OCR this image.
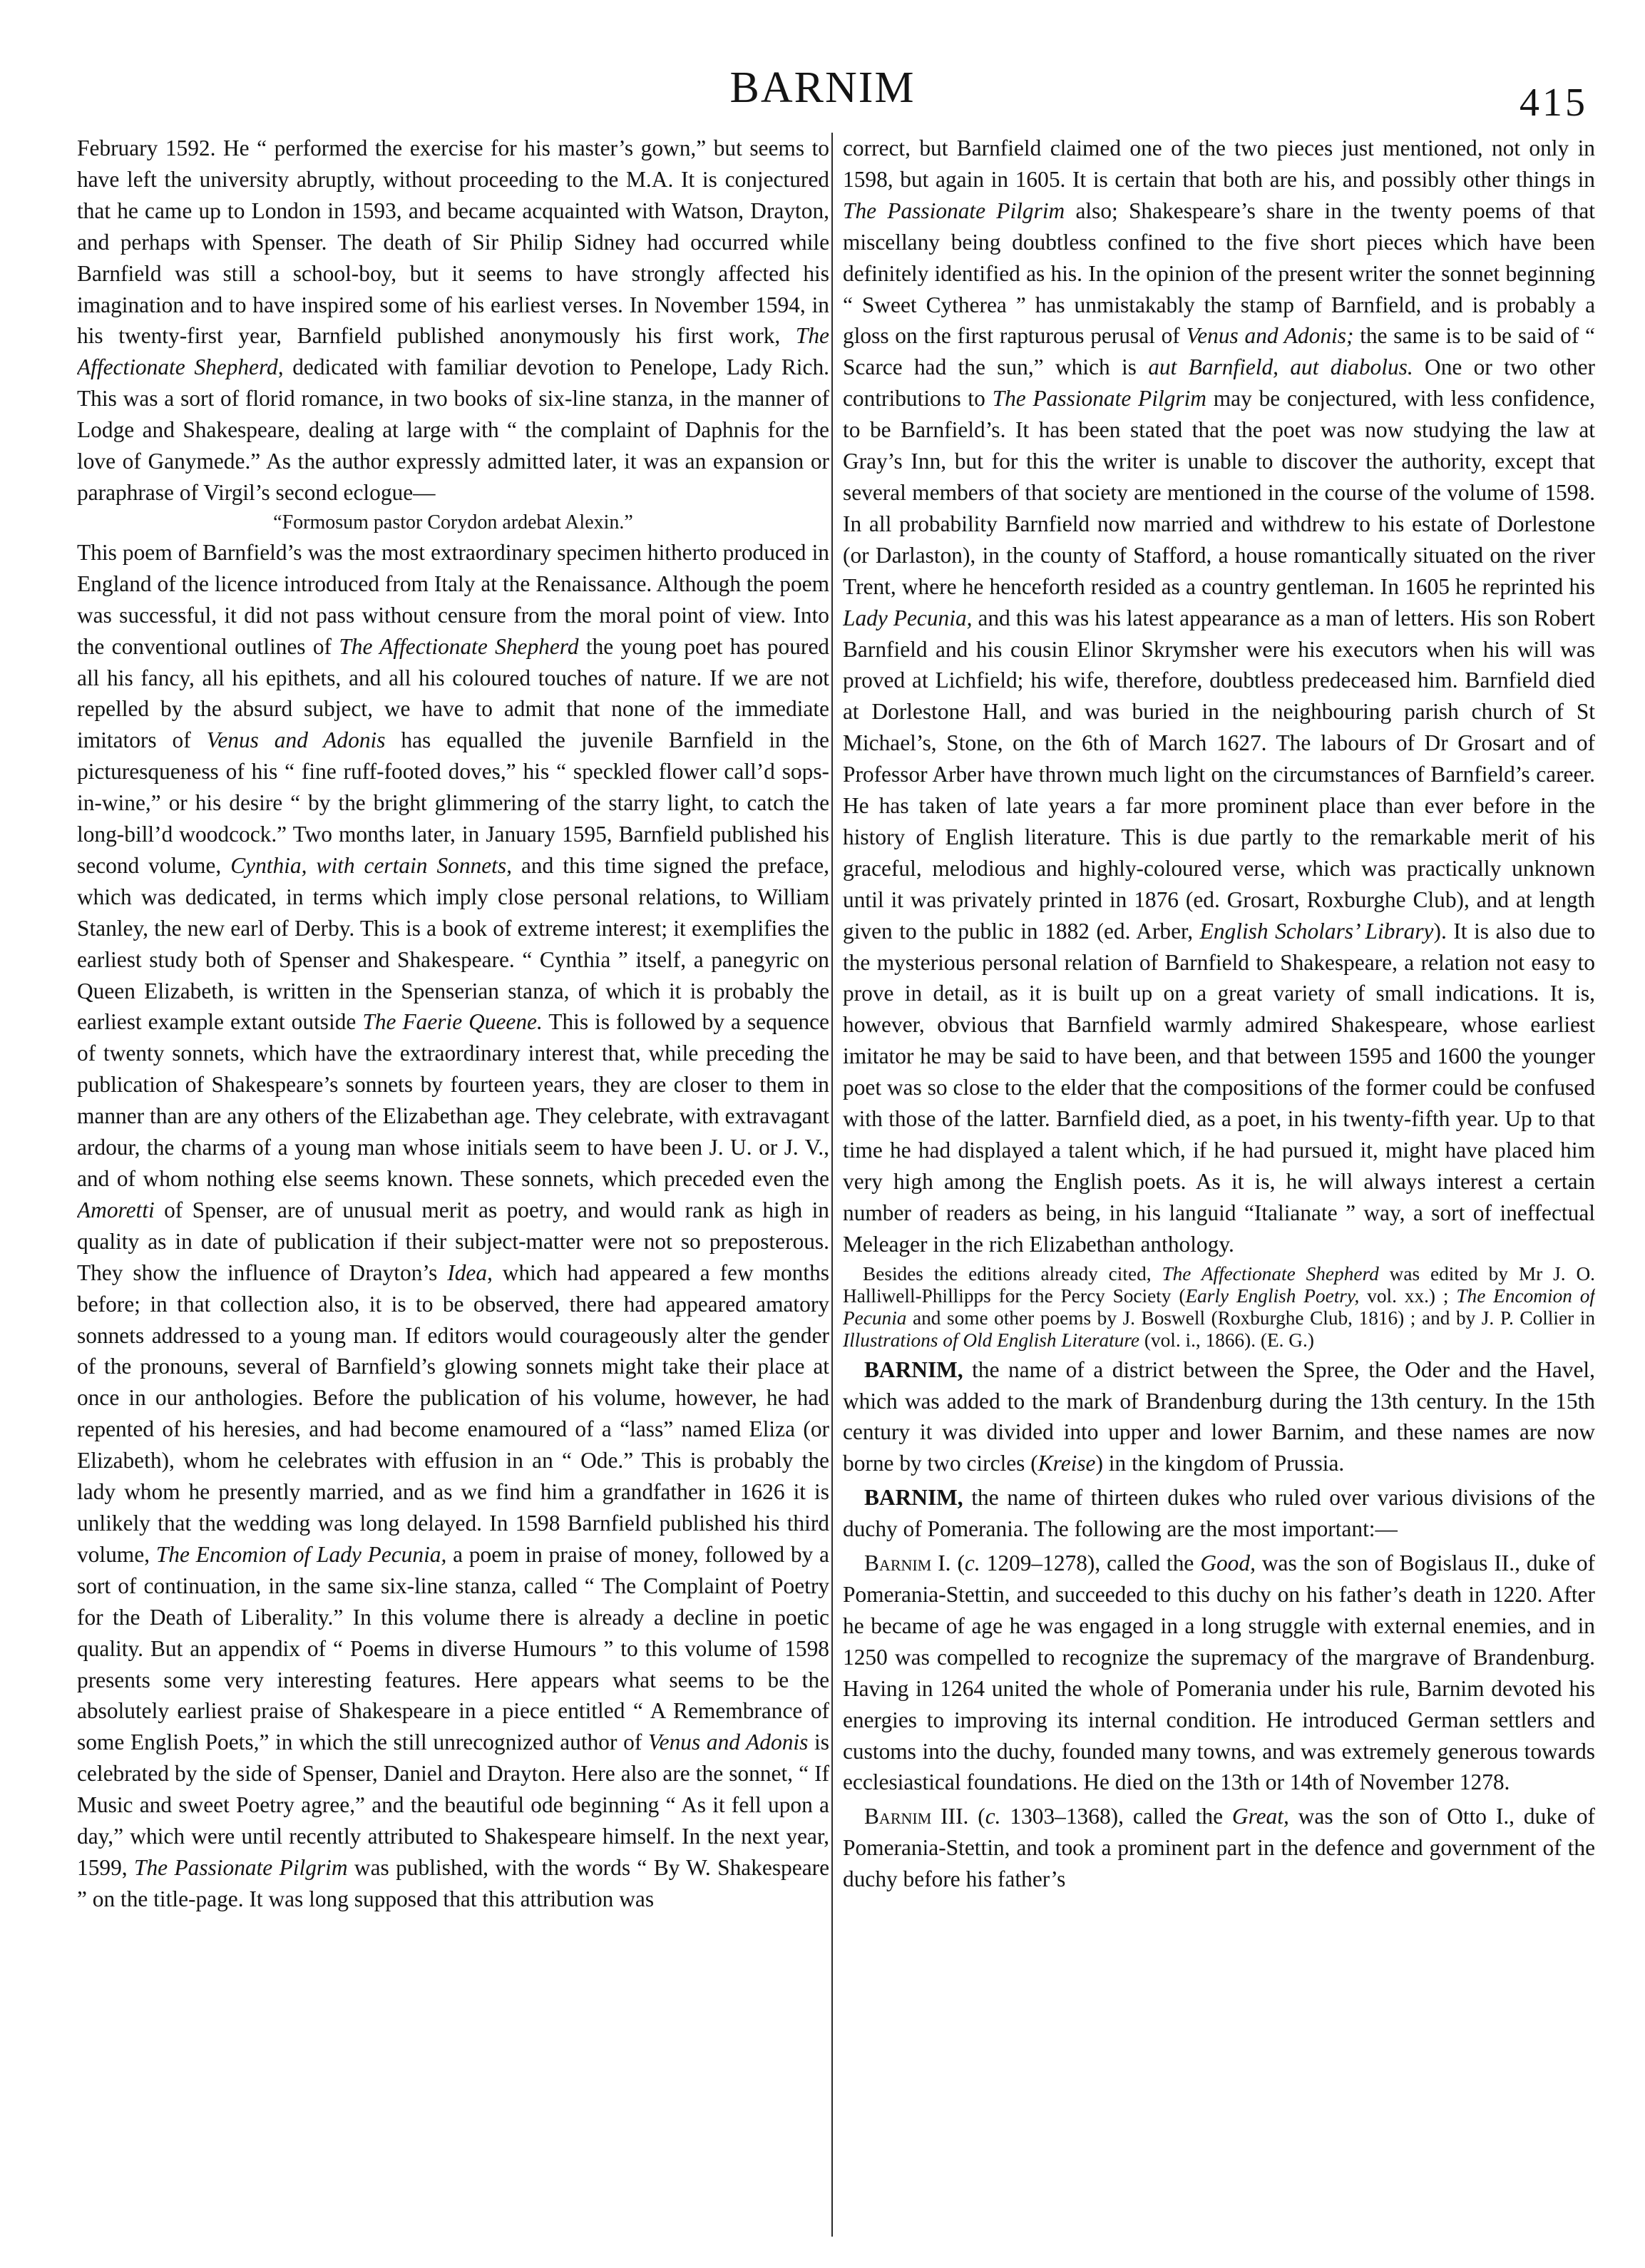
BARNIM	415

February 1592. He “ performed the exercise for his master’s gown,” but seems to have left the university abruptly, without proceeding to the M.A. It is conjectured that he came up to London in 1593, and became acquainted with Watson, Drayton, and perhaps with Spenser. The death of Sir Philip Sidney had occurred while Barnfield was still a school-boy, but it seems to have strongly affected his imagination and to have inspired some of his earliest verses. In November 1594, in his twenty-first year, Barnfield published anonymously his first work, The Affectionate Shepherd, dedicated with familiar devotion to Penelope, Lady Rich. This was a sort of florid romance, in two books of six-line stanza, in the manner of Lodge and Shakespeare, dealing at large with “ the complaint of Daphnis for the love of Ganymede.” As the author expressly admitted later, it was an expansion or paraphrase of Virgil’s second eclogue—

“Formosum pastor Corydon ardebat Alexin.”

This poem of Barnfield’s was the most extraordinary specimen hitherto produced in England of the licence introduced from Italy at the Renaissance. Although the poem was successful, it did not pass without censure from the moral point of view. Into the conventional outlines of The Affectionate Shepherd the young poet has poured all his fancy, all his epithets, and all his coloured touches of nature. If we are not repelled by the absurd subject, we have to admit that none of the immediate imitators of Venus and Adonis has equalled the juvenile Barnfield in the picturesqueness of his “ fine ruff-footed doves,” his “ speckled flower call’d sops-in-wine,” or his desire “ by the bright glimmering of the starry light, to catch the long-bill’d woodcock.” Two months later, in January 1595, Barnfield published his second volume, Cynthia, with certain Sonnets, and this time signed the preface, which was dedicated, in terms which imply close personal relations, to William Stanley, the new earl of Derby. This is a book of extreme interest; it exemplifies the earliest study both of Spenser and Shakespeare. “ Cynthia ” itself, a panegyric on Queen Elizabeth, is written in the Spenserian stanza, of which it is probably the earliest example extant outside The Faerie Queene. This is followed by a sequence of twenty sonnets, which have the extraordinary interest that, while preceding the publication of Shakespeare’s sonnets by fourteen years, they are closer to them in manner than are any others of the Elizabethan age. They celebrate, with extravagant ardour, the charms of a young man whose initials seem to have been J. U. or J. V., and of whom nothing else seems known. These sonnets, which preceded even the Amoretti of Spenser, are of unusual merit as poetry, and would rank as high in quality as in date of publication if their subject-matter were not so preposterous. They show the influence of Drayton’s Idea, which had appeared a few months before; in that collection also, it is to be observed, there had appeared amatory sonnets addressed to a young man. If editors would courageously alter the gender of the pronouns, several of Barnfield’s glowing sonnets might take their place at once in our anthologies. Before the publication of his volume, however, he had repented of his heresies, and had become enamoured of a “lass” named Eliza (or Elizabeth), whom he celebrates with effusion in an “ Ode.” This is probably the lady whom he presently married, and as we find him a grandfather in 1626 it is unlikely that the wedding was long delayed. In 1598 Barnfield published his third volume, The Encomion of Lady Pecunia, a poem in praise of money, followed by a sort of continuation, in the same six-line stanza, called “ The Complaint of Poetry for the Death of Liberality.” In this volume there is already a decline in poetic quality. But an appendix of “ Poems in diverse Humours ” to this volume of 1598 presents some very interesting features. Here appears what seems to be the absolutely earliest praise of Shakespeare in a piece entitled “ A Remembrance of some English Poets,” in which the still unrecognized author of Venus and Adonis is celebrated by the side of Spenser, Daniel and Drayton. Here also are the sonnet, “ If Music and sweet Poetry agree,” and the beautiful ode beginning “ As it fell upon a day,” which were until recently attributed to Shakespeare himself. In the next year, 1599, The Passionate Pilgrim was published, with the words “ By W. Shakespeare ” on the title-page. It was long supposed that this attribution was

correct, but Barnfield claimed one of the two pieces just mentioned, not only in 1598, but again in 1605. It is certain that both are his, and possibly other things in The Passionate Pilgrim also; Shakespeare’s share in the twenty poems of that miscellany being doubtless confined to the five short pieces which have been definitely identified as his. In the opinion of the present writer the sonnet beginning “ Sweet Cytherea ” has unmistakably the stamp of Barnfield, and is probably a gloss on the first rapturous perusal of Venus and Adonis; the same is to be said of “ Scarce had the sun,” which is aut Barnfield, aut diabolus. One or two other contributions to The Passionate Pilgrim may be conjectured, with less confidence, to be Barnfield’s. It has been stated that the poet was now studying the law at Gray’s Inn, but for this the writer is unable to discover the authority, except that several members of that society are mentioned in the course of the volume of 1598. In all probability Barnfield now married and withdrew to his estate of Dorlestone (or Darlaston), in the county of Stafford, a house romantically situated on the river Trent, where he henceforth resided as a country gentleman. In 1605 he reprinted his Lady Pecunia, and this was his latest appearance as a man of letters. His son Robert Barnfield and his cousin Elinor Skrymsher were his executors when his will was proved at Lichfield; his wife, therefore, doubtless predeceased him. Barnfield died at Dorlestone Hall, and was buried in the neighbouring parish church of St Michael’s, Stone, on the 6th of March 1627. The labours of Dr Grosart and of Professor Arber have thrown much light on the circumstances of Barnfield’s career. He has taken of late years a far more prominent place than ever before in the history of English literature. This is due partly to the remarkable merit of his graceful, melodious and highly-coloured verse, which was practically unknown until it was privately printed in 1876 (ed. Grosart, Roxburghe Club), and at length given to the public in 1882 (ed. Arber, English Scholars’ Library). It is also due to the mysterious personal relation of Barnfield to Shakespeare, a relation not easy to prove in detail, as it is built up on a great variety of small indications. It is, however, obvious that Barnfield warmly admired Shakespeare, whose earliest imitator he may be said to have been, and that between 1595 and 1600 the younger poet was so close to the elder that the compositions of the former could be confused with those of the latter. Barnfield died, as a poet, in his twenty-fifth year. Up to that time he had displayed a talent which, if he had pursued it, might have placed him very high among the English poets. As it is, he will always interest a certain number of readers as being, in his languid “Italianate ” way, a sort of ineffectual Meleager in the rich Elizabethan anthology.

Besides the editions already cited, The Affectionate Shepherd was edited by Mr J. O. Halliwell-Phillipps for the Percy Society (Early English Poetry, vol. xx.) ; The Encomion of Pecunia and some other poems by J. Boswell (Roxburghe Club, 1816) ; and by J. P. Collier in Illustrations of Old English Literature (vol. i., 1866). (E. G.)

BARNIM, the name of a district between the Spree, the Oder and the Havel, which was added to the mark of Brandenburg during the 13th century. In the 15th century it was divided into upper and lower Barnim, and these names are now borne by two circles (Kreise) in the kingdom of Prussia.

BARNIM, the name of thirteen dukes who ruled over various divisions of the duchy of Pomerania. The following are the most important:—

Barnim I. (c. 1209–1278), called the Good, was the son of Bogislaus II., duke of Pomerania-Stettin, and succeeded to this duchy on his father’s death in 1220. After he became of age he was engaged in a long struggle with external enemies, and in 1250 was compelled to recognize the supremacy of the margrave of Brandenburg. Having in 1264 united the whole of Pomerania under his rule, Barnim devoted his energies to improving its internal condition. He introduced German settlers and customs into the duchy, founded many towns, and was extremely generous towards ecclesiastical foundations. He died on the 13th or 14th of November 1278.

Barnim III. (c. 1303–1368), called the Great, was the son of Otto I., duke of Pomerania-Stettin, and took a prominent part in the defence and government of the duchy before his father’s
